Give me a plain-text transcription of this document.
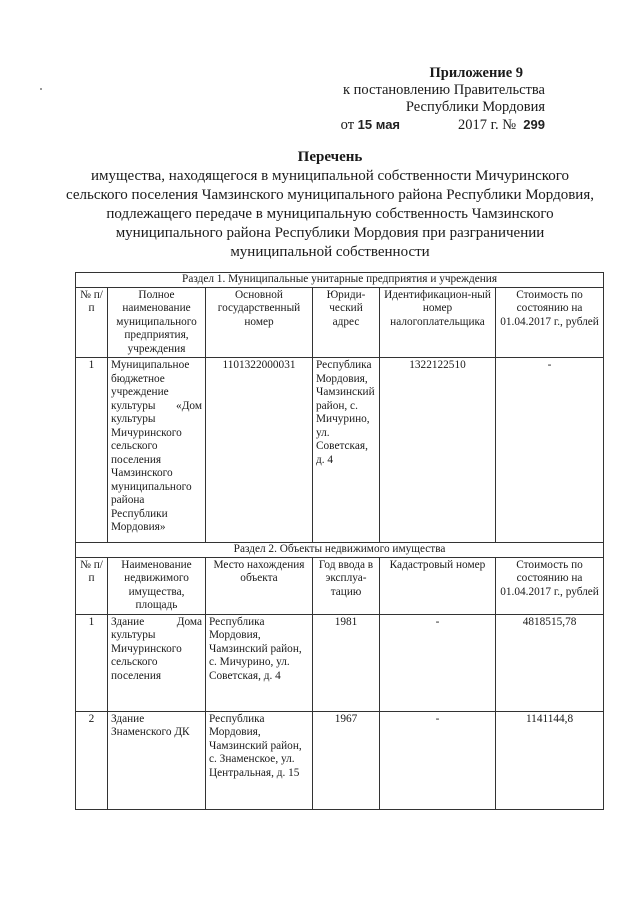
Приложение 9
к постановлению Правительства
Республики Мордовия
от
15 мая	2017 г. №
299
Перечень
имущества, находящегося в муниципальной собственности Мичуринского сельского поселения Чамзинского муниципального района Республики Мордовия, подлежащего передаче в муниципальную собственность Чамзинского муниципального района Республики Мордовия при разграничении муниципальной собственности
Раздел 1. Муниципальные унитарные предприятия и учреждения					
№ п/п	Полное наименование муниципального предприятия, учреждения	Основной государственный номер	Юриди-ческий адрес	Идентификацион-ный номер налогоплательщика	Стоимость по состоянию на 01.04.2017 г., рублей
1	Муниципальное бюджетное учреждение культуры «Дом культуры Мичуринского сельского поселения Чамзинского муниципального района Республики Мордовия»	1101322000031	Республика Мордовия, Чамзинский район, с. Мичурино, ул. Советская, д. 4	1322122510	-
Раздел 2. Объекты недвижимого имущества					
№ п/п	Наименование недвижимого имущества, площадь	Место нахождения объекта	Год ввода в эксплуа-тацию	Кадастровый номер	Стоимость по состоянию на 01.04.2017 г., рублей
1	Здание Дома культуры Мичуринского сельского поселения	Республика Мордовия, Чамзинский район, с. Мичурино, ул. Советская, д. 4	1981	-	4818515,78
2	Здание Знаменского ДК	Республика Мордовия, Чамзинский район, с. Знаменское, ул. Центральная, д. 15	1967	-	1141144,8
